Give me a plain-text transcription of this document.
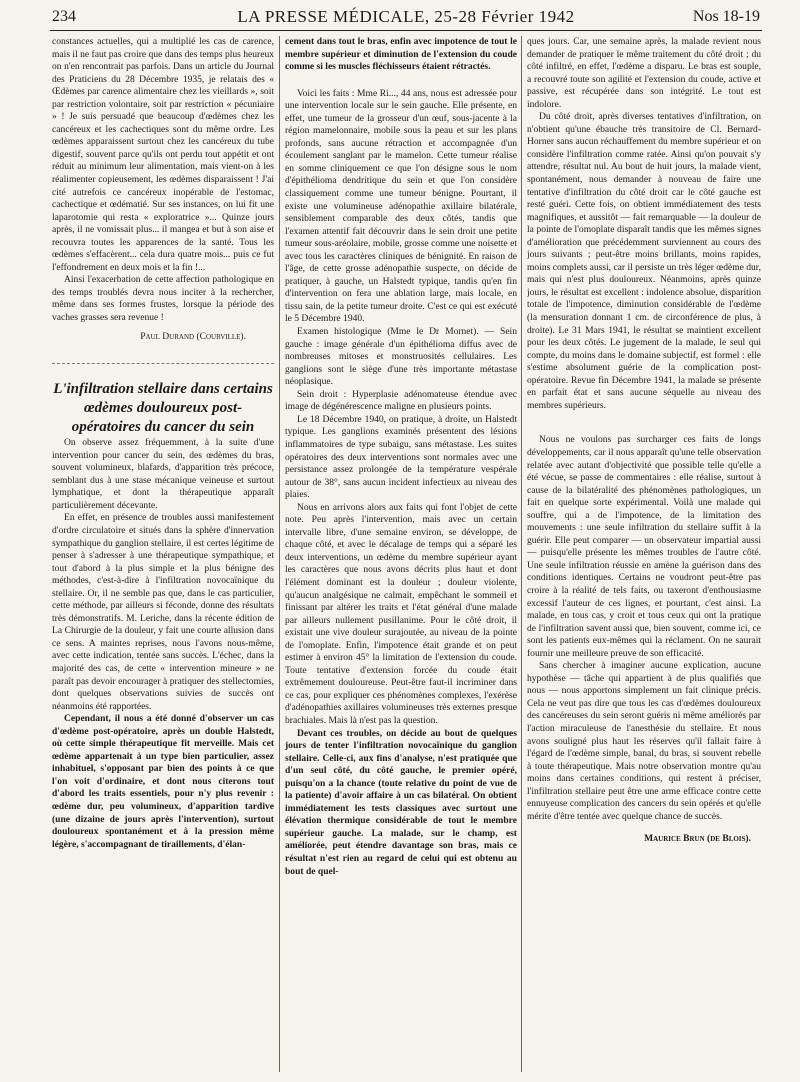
234	LA PRESSE MÉDICALE, 25-28 Février 1942	Nos 18-19

constances actuelles, qui a multiplié les cas de carence, mais il ne faut pas croire que dans des temps plus heureux on n'en rencontrait pas parfois. Dans un article du Journal des Praticiens du 28 Décembre 1935, je relatais des « Œdèmes par carence alimentaire chez les vieillards », soit par restriction volontaire, soit par restriction « pécuniaire » ! Je suis persuadé que beaucoup d'œdèmes chez les cancéreux et les cachectiques sont du même ordre. Les œdèmes apparaissent surtout chez les cancéreux du tube digestif, souvent parce qu'ils ont perdu tout appétit et ont réduit au minimum leur alimentation, mais vient-on à les réalimenter copieusement, les œdèmes disparaissent ! J'ai cité autrefois ce cancéreux inopérable de l'estomac, cachectique et œdématié. Sur ses instances, on lui fit une laparotomie qui resta « exploratrice »... Quinze jours après, il ne vomissait plus... il mangea et but à son aise et recouvra toutes les apparences de la santé. Tous les œdèmes s'effacèrent... cela dura quatre mois... puis ce fut l'effondrement en deux mois et la fin !...

Ainsi l'exacerbation de cette affection pathologique en des temps troublés devra nous inciter à la rechercher, même dans ses formes frustes, lorsque la période des vaches grasses sera revenue !

Paul Durand (Courville).

L'infiltration stellaire dans certains œdèmes douloureux post-opératoires du cancer du sein

On observe assez fréquemment, à la suite d'une intervention pour cancer du sein, des œdèmes du bras, souvent volumineux, blafards, d'apparition très précoce, semblant dus à une stase mécanique veineuse et surtout lymphatique, et dont la thérapeutique apparaît particulièrement décevante.

En effet, en présence de troubles aussi manifestement d'ordre circulatoire et situés dans la sphère d'innervation sympathique du ganglion stellaire, il est certes légitime de penser à s'adresser à une thérapeutique sympathique, et tout d'abord à la plus simple et la plus bénigne des méthodes, c'est-à-dire à l'infiltration novocaïnique du stellaire. Or, il ne semble pas que, dans le cas particulier, cette méthode, par ailleurs si féconde, donne des résultats très démonstratifs. M. Leriche, dans la récente édition de La Chirurgie de la douleur, y fait une courte allusion dans ce sens. A maintes reprises, nous l'avons nous-même, avec cette indication, tentée sans succès. L'échec, dans la majorité des cas, de cette « intervention mineure » ne paraît pas devoir encourager à pratiquer des stellectomies, dont quelques observations suivies de succès ont néanmoins été rapportées.

Cependant, il nous a été donné d'observer un cas d'œdème post-opératoire, après un double Halstedt, où cette simple thérapeutique fit merveille. Mais cet œdème appartenait à un type bien particulier, assez inhabituel, s'opposant par bien des points à ce que l'on voit d'ordinaire, et dont nous citerons tout d'abord les traits essentiels, pour n'y plus revenir : œdème dur, peu volumineux, d'apparition tardive (une dizaine de jours après l'intervention), surtout douloureux spontanément et à la pression même légère, s'accompagnant de tiraillements, d'élan-

cement dans tout le bras, enfin avec impotence de tout le membre supérieur et diminution de l'extension du coude comme si les muscles fléchisseurs étaient rétractés.

Voici les faits : Mme Ri..., 44 ans, nous est adressée pour une intervention locale sur le sein gauche. Elle présente, en effet, une tumeur de la grosseur d'un œuf, sous-jacente à la région mamelonnaire, mobile sous la peau et sur les plans profonds, sans aucune rétraction et accompagnée d'un écoulement sanglant par le mamelon. Cette tumeur réalise en somme cliniquement ce que l'on désigne sous le nom d'épithélioma dendritique du sein et que l'on considère classiquement comme une tumeur bénigne. Pourtant, il existe une volumineuse adénopathie axillaire bilatérale, sensiblement comparable des deux côtés, tandis que l'examen attentif fait découvrir dans le sein droit une petite tumeur sous-aréolaire, mobile, grosse comme une noisette et avec tous les caractères cliniques de bénignité. En raison de l'âge, de cette grosse adénopathie suspecte, on décide de pratiquer, à gauche, un Halstedt typique, tandis qu'en fin d'intervention on fera une ablation large, mais locale, en tissu sain, de la petite tumeur droite. C'est ce qui est exécuté le 5 Décembre 1940.

Examen histologique (Mme le Dr Mornet). — Sein gauche : image générale d'un épithélioma diffus avec de nombreuses mitoses et monstruosités cellulaires. Les ganglions sont le siège d'une très importante métastase néoplasique.

Sein droit : Hyperplasie adénomateuse étendue avec image de dégénérescence maligne en plusieurs points.

Le 18 Décembre 1940, on pratique, à droite, un Halstedt typique. Les ganglions examinés présentent des lésions inflammatoires de type subaigu, sans métastase. Les suites opératoires des deux interventions sont normales avec une persistance assez prolongée de la température vespérale autour de 38°, sans aucun incident infectieux au niveau des plaies.

Nous en arrivons alors aux faits qui font l'objet de cette note. Peu après l'intervention, mais avec un certain intervalle libre, d'une semaine environ, se développe, de chaque côté, et avec le décalage de temps qui a séparé les deux interventions, un œdème du membre supérieur ayant les caractères que nous avons décrits plus haut et dont l'élément dominant est la douleur ; douleur violente, qu'aucun analgésique ne calmait, empêchant le sommeil et finissant par altérer les traits et l'état général d'une malade par ailleurs nullement pusillanime. Pour le côté droit, il existait une vive douleur surajoutée, au niveau de la pointe de l'omoplate. Enfin, l'impotence était grande et on peut estimer à environ 45° la limitation de l'extension du coude. Toute tentative d'extension forcée du coude était extrêmement douloureuse. Peut-être faut-il incriminer dans ce cas, pour expliquer ces phénomènes complexes, l'exérèse d'adénopathies axillaires volumineuses très externes presque brachiales. Mais là n'est pas la question.

Devant ces troubles, on décide au bout de quelques jours de tenter l'infiltration novocaïnique du ganglion stellaire. Celle-ci, aux fins d'analyse, n'est pratiquée que d'un seul côté, du côté gauche, le premier opéré, puisqu'on a la chance (toute relative du point de vue de la patiente) d'avoir affaire à un cas bilatéral. On obtient immédiatement les tests classiques avec surtout une élévation thermique considérable de tout le membre supérieur gauche. La malade, sur le champ, est améliorée, peut étendre davantage son bras, mais ce résultat n'est rien au regard de celui qui est obtenu au bout de quel-

ques jours. Car, une semaine après, la malade revient nous demander de pratiquer le même traitement du côté droit ; du côté infiltré, en effet, l'œdème a disparu. Le bras est souple, a recouvré toute son agilité et l'extension du coude, active et passive, est récupérée dans son intégrité. Le tout est indolore.

Du côté droit, après diverses tentatives d'infiltration, on n'obtient qu'une ébauche très transitoire de Cl. Bernard-Horner sans aucun réchauffement du membre supérieur et on considère l'infiltration comme ratée. Ainsi qu'on pouvait s'y attendre, résultat nul. Au bout de huit jours, la malade vient, spontanément, nous demander à nouveau de faire une tentative d'infiltration du côté droit car le côté gauche est resté guéri. Cette fois, on obtient immédiatement des tests magnifiques, et aussitôt — fait remarquable — la douleur de la pointe de l'omoplate disparaît tandis que les mêmes signes d'amélioration que précédemment surviennent au cours des jours suivants ; peut-être moins brillants, moins rapides, moins complets aussi, car il persiste un très léger œdème dur, mais qui n'est plus douloureux. Néanmoins, après quinze jours, le résultat est excellent : indolence absolue, disparition totale de l'impotence, diminution considérable de l'œdème (la mensuration donnant 1 cm. de circonférence de plus, à droite). Le 31 Mars 1941, le résultat se maintient excellent pour les deux côtés. Le jugement de la malade, le seul qui compte, du moins dans le domaine subjectif, est formel : elle s'estime absolument guérie de la complication post-opératoire. Revue fin Décembre 1941, la malade se présente en parfait état et sans aucune séquelle au niveau des membres supérieurs.

Nous ne voulons pas surcharger ces faits de longs développements, car il nous apparaît qu'une telle observation relatée avec autant d'objectivité que possible telle qu'elle a été vécue, se passe de commentaires : elle réalise, surtout à cause de la bilatéralité des phénomènes pathologiques, un fait en quelque sorte expérimental. Voilà une malade qui souffre, qui a de l'impotence, de la limitation des mouvements : une seule infiltration du stellaire suffit à la guérir. Elle peut comparer — un observateur impartial aussi — puisqu'elle présente les mêmes troubles de l'autre côté. Une seule infiltration réussie en amène la guérison dans des conditions identiques. Certains ne voudront peut-être pas croire à la réalité de tels faits, ou taxeront d'enthousiasme excessif l'auteur de ces lignes, et pourtant, c'est ainsi. La malade, en tous cas, y croit et tous ceux qui ont la pratique de l'infiltration savent aussi que, bien souvent, comme ici, ce sont les patients eux-mêmes qui la réclament. On ne saurait fournir une meilleure preuve de son efficacité.

Sans chercher à imaginer aucune explication, aucune hypothèse — tâche qui appartient à de plus qualifiés que nous — nous apportons simplement un fait clinique précis. Cela ne veut pas dire que tous les cas d'œdèmes douloureux des cancéreuses du sein seront guéris ni même améliorés par l'action miraculeuse de l'anesthésie du stellaire. Et nous avons souligné plus haut les réserves qu'il fallait faire à l'égard de l'œdème simple, banal, du bras, si souvent rebelle à toute thérapeutique. Mais notre observation montre qu'au moins dans certaines conditions, qui restent à préciser, l'infiltration stellaire peut être une arme efficace contre cette ennuyeuse complication des cancers du sein opérés et qu'elle mérite d'être tentée avec quelque chance de succès.

Maurice Brun (de Blois).
